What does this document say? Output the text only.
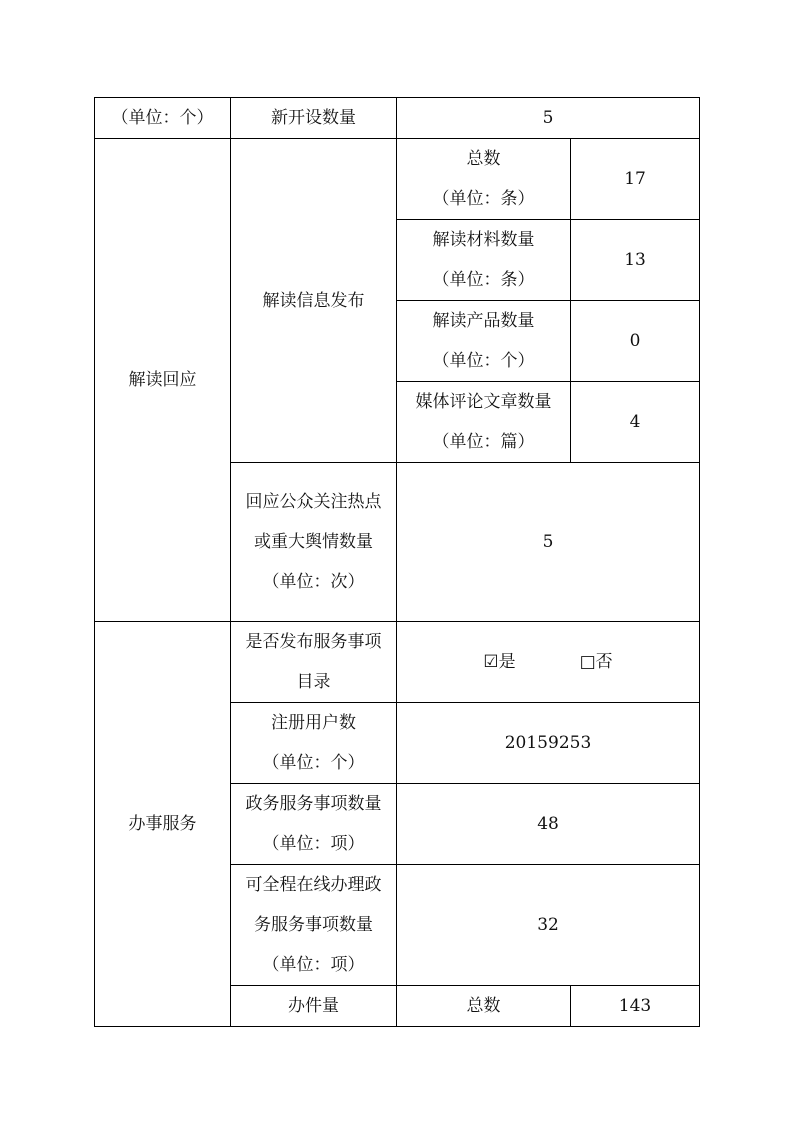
（单位：个）	新开设数量	5	
解读回应	解读信息发布	总数
（单位：条）	17

		解读材料数量
（单位：条）	13

		解读产品数量
（单位：个）	0

		媒体评论文章数量
（单位：篇）	4

	回应公众关注热点
或重大舆情数量
（单位：次）	5	
办事服务	是否发布服务事项
目录	☑是 □否	

	注册用户数
（单位：个）	20159253	

	政务服务事项数量
（单位：项）	48	

	可全程在线办理政
务服务事项数量
（单位：项）	32	
	办件量	总数	143
